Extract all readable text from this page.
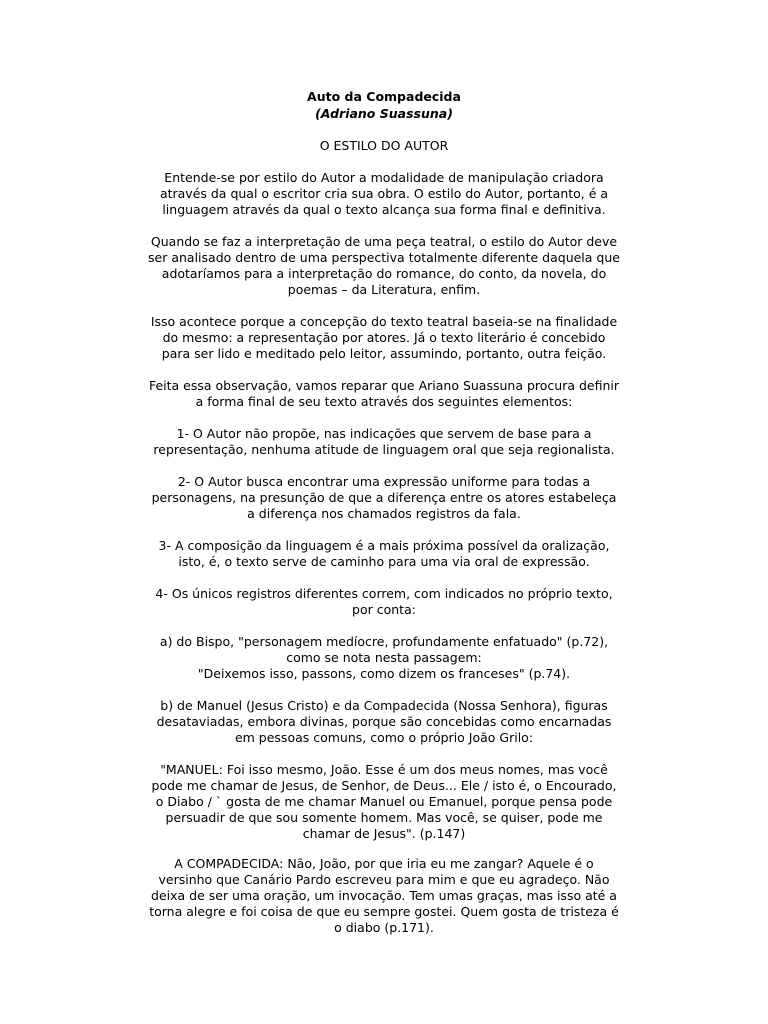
Auto da Compadecida
(Adriano Suassuna)
O ESTILO DO AUTOR

Entende-se por estilo do Autor a modalidade de manipulação criadora através da qual o escritor cria sua obra. O estilo do Autor, portanto, é a linguagem através da qual o texto alcança sua forma final e definitiva.

Quando se faz a interpretação de uma peça teatral, o estilo do Autor deve ser analisado dentro de uma perspectiva totalmente diferente daquela que adotaríamos para a interpretação do romance, do conto, da novela, do poemas – da Literatura, enfim.

Isso acontece porque a concepção do texto teatral baseia-se na finalidade do mesmo: a representação por atores. Já o texto literário é concebido para ser lido e meditado pelo leitor, assumindo, portanto, outra feição.

Feita essa observação, vamos reparar que Ariano Suassuna procura definir a forma final de seu texto através dos seguintes elementos:

1- O Autor não propõe, nas indicações que servem de base para a representação, nenhuma atitude de linguagem oral que seja regionalista.

2- O Autor busca encontrar uma expressão uniforme para todas a personagens, na presunção de que a diferença entre os atores estabeleça a diferença nos chamados registros da fala.

3- A composição da linguagem é a mais próxima possível da oralização, isto, é, o texto serve de caminho para uma via oral de expressão.

4- Os únicos registros diferentes correm, com indicados no próprio texto, por conta:

a) do Bispo, "personagem medíocre, profundamente enfatuado" (p.72), como se nota nesta passagem:

"Deixemos isso, passons, como dizem os franceses" (p.74).

b) de Manuel (Jesus Cristo) e da Compadecida (Nossa Senhora), figuras desataviadas, embora divinas, porque são concebidas como encarnadas em pessoas comuns, como o próprio João Grilo:

"MANUEL: Foi isso mesmo, João. Esse é um dos meus nomes, mas você pode me chamar de Jesus, de Senhor, de Deus... Ele / isto é, o Encourado, o Diabo / ` gosta de me chamar Manuel ou Emanuel, porque pensa pode persuadir de que sou somente homem. Mas você, se quiser, pode me chamar de Jesus". (p.147)

A COMPADECIDA: Não, João, por que iria eu me zangar? Aquele é o versinho que Canário Pardo escreveu para mim e que eu agradeço. Não deixa de ser uma oração, um invocação. Tem umas graças, mas isso até a torna alegre e foi coisa de que eu sempre gostei. Quem gosta de tristeza é o diabo (p.171).
